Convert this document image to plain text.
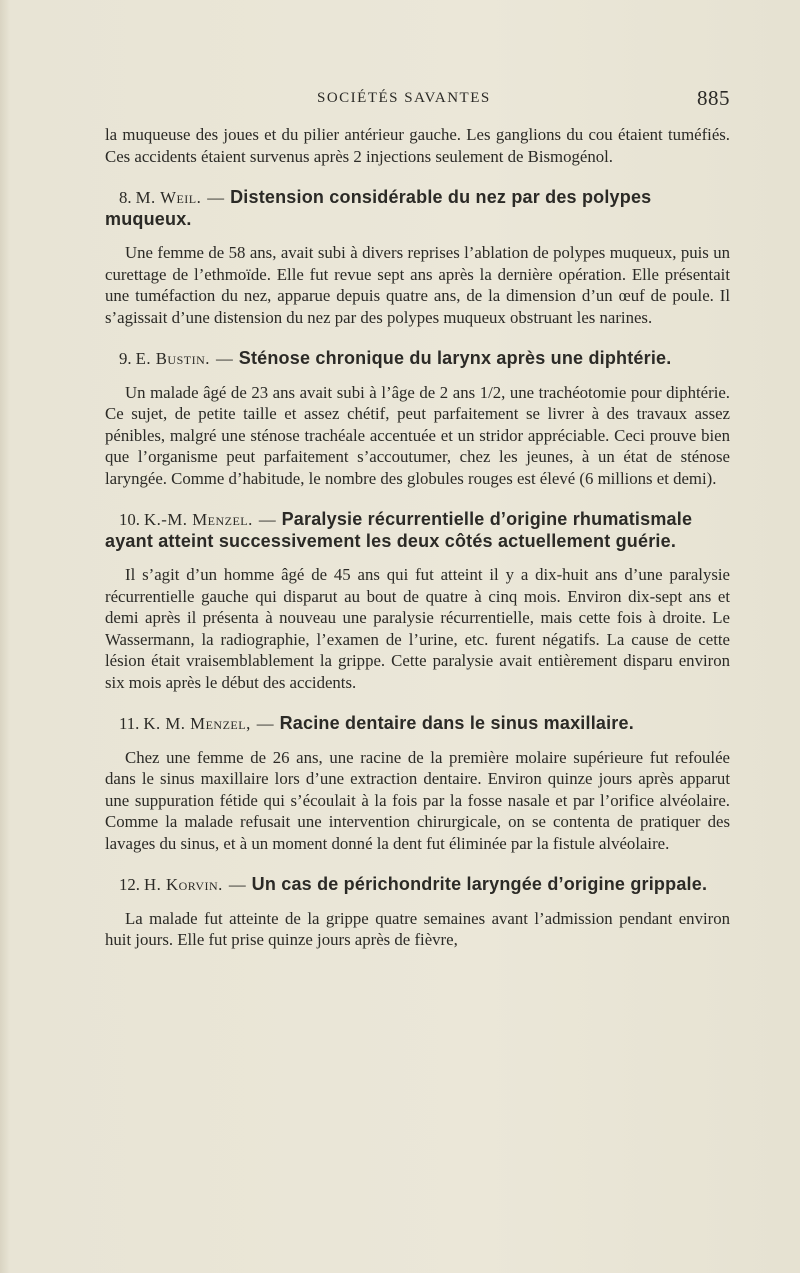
SOCIÉTÉS SAVANTES	885

la muqueuse des joues et du pilier antérieur gauche. Les ganglions du cou étaient tuméfiés. Ces accidents étaient survenus après 2 injections seulement de Bismogénol.

8. M. Weil. — Distension considérable du nez par des polypes muqueux.

Une femme de 58 ans, avait subi à divers reprises l’ablation de polypes muqueux, puis un curettage de l’ethmoïde. Elle fut revue sept ans après la dernière opération. Elle présentait une tuméfaction du nez, apparue depuis quatre ans, de la dimension d’un œuf de poule. Il s’agissait d’une distension du nez par des polypes muqueux obstruant les narines.

9. E. Bustin. — Sténose chronique du larynx après une diphtérie.

Un malade âgé de 23 ans avait subi à l’âge de 2 ans 1/2, une trachéotomie pour diphtérie. Ce sujet, de petite taille et assez chétif, peut parfaitement se livrer à des travaux assez pénibles, malgré une sténose trachéale accentuée et un stridor appréciable. Ceci prouve bien que l’organisme peut parfaitement s’accoutumer, chez les jeunes, à un état de sténose laryngée. Comme d’habitude, le nombre des globules rouges est élevé (6 millions et demi).

10. K.-M. Menzel. — Paralysie récurrentielle d’origine rhumatismale ayant atteint successivement les deux côtés actuellement guérie.

Il s’agit d’un homme âgé de 45 ans qui fut atteint il y a dix-huit ans d’une paralysie récurrentielle gauche qui disparut au bout de quatre à cinq mois. Environ dix-sept ans et demi après il présenta à nouveau une paralysie récurrentielle, mais cette fois à droite. Le Wassermann, la radiographie, l’examen de l’urine, etc. furent négatifs. La cause de cette lésion était vraisemblablement la grippe. Cette paralysie avait entièrement disparu environ six mois après le début des accidents.

11. K. M. Menzel, — Racine dentaire dans le sinus maxillaire.

Chez une femme de 26 ans, une racine de la première molaire supérieure fut refoulée dans le sinus maxillaire lors d’une extraction dentaire. Environ quinze jours après apparut une suppuration fétide qui s’écoulait à la fois par la fosse nasale et par l’orifice alvéolaire. Comme la malade refusait une intervention chirurgicale, on se contenta de pratiquer des lavages du sinus, et à un moment donné la dent fut éliminée par la fistule alvéolaire.

12. H. Korvin. — Un cas de périchondrite laryngée d’origine grippale.

La malade fut atteinte de la grippe quatre semaines avant l’admission pendant environ huit jours. Elle fut prise quinze jours après de fièvre,
